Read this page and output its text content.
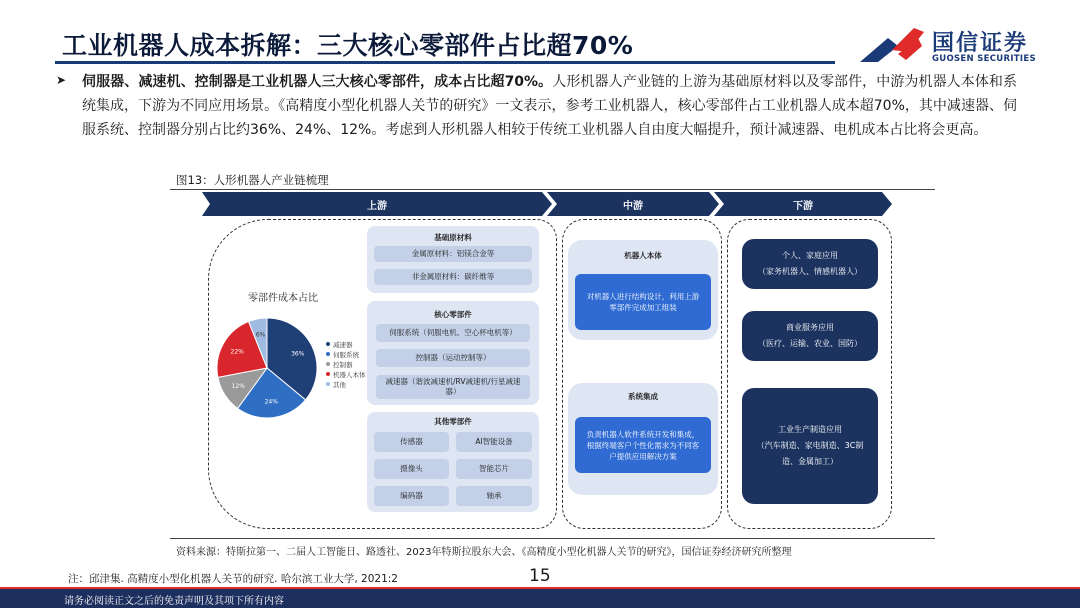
工业机器人成本拆解：三大核心零部件占比超70%	国信证券
GUOSEN SECURITIES
➤ 伺服器、减速机、控制器是工业机器人三大核心零部件，成本占比超70%。人形机器人产业链的上游为基础原材料以及零部件，中游为机器人本体和系统集成，下游为不同应用场景。《高精度小型化机器人关节的研究》一文表示，参考工业机器人，核心零部件占工业机器人成本超70%，其中减速器、伺服系统、控制器分别占比约36%、24%、12%。考虑到人形机器人相较于传统工业机器人自由度大幅提升，预计减速器、电机成本占比将会更高。
图13：人形机器人产业链梳理
上游	中游	下游
零部件成本占比
36%
24%
12%
22%
6%
减速器
伺服系统
控制器
机器人本体
其他
基础原材料
金属原材料：铝镁合金等
非金属原材料：碳纤维等
核心零部件
伺服系统（伺服电机、空心杯电机等）
控制器（运动控制等）
减速器（谐波减速机/RV减速机/行星减速器）
其他零部件
传感器	AI智能设备
摄像头	智能芯片
编码器	轴承
机器人本体
对机器人进行结构设计，利用上游零部件完成加工组装
系统集成
负责机器人软件系统开发和集成，根据终端客户个性化需求为不同客户提供应用解决方案
个人、家庭应用
（家务机器人、情感机器人）
商业服务应用
（医疗、运输、农业、国防）
工业生产制造应用
（汽车制造、家电制造、3C制造、金属加工）
资料来源：特斯拉第一、二届人工智能日、路透社、2023年特斯拉股东大会、《高精度小型化机器人关节的研究》，国信证券经济研究所整理
注：邱津集. 高精度小型化机器人关节的研究. 哈尔滨工业大学, 2021:2	15
请务必阅读正文之后的免责声明及其项下所有内容
